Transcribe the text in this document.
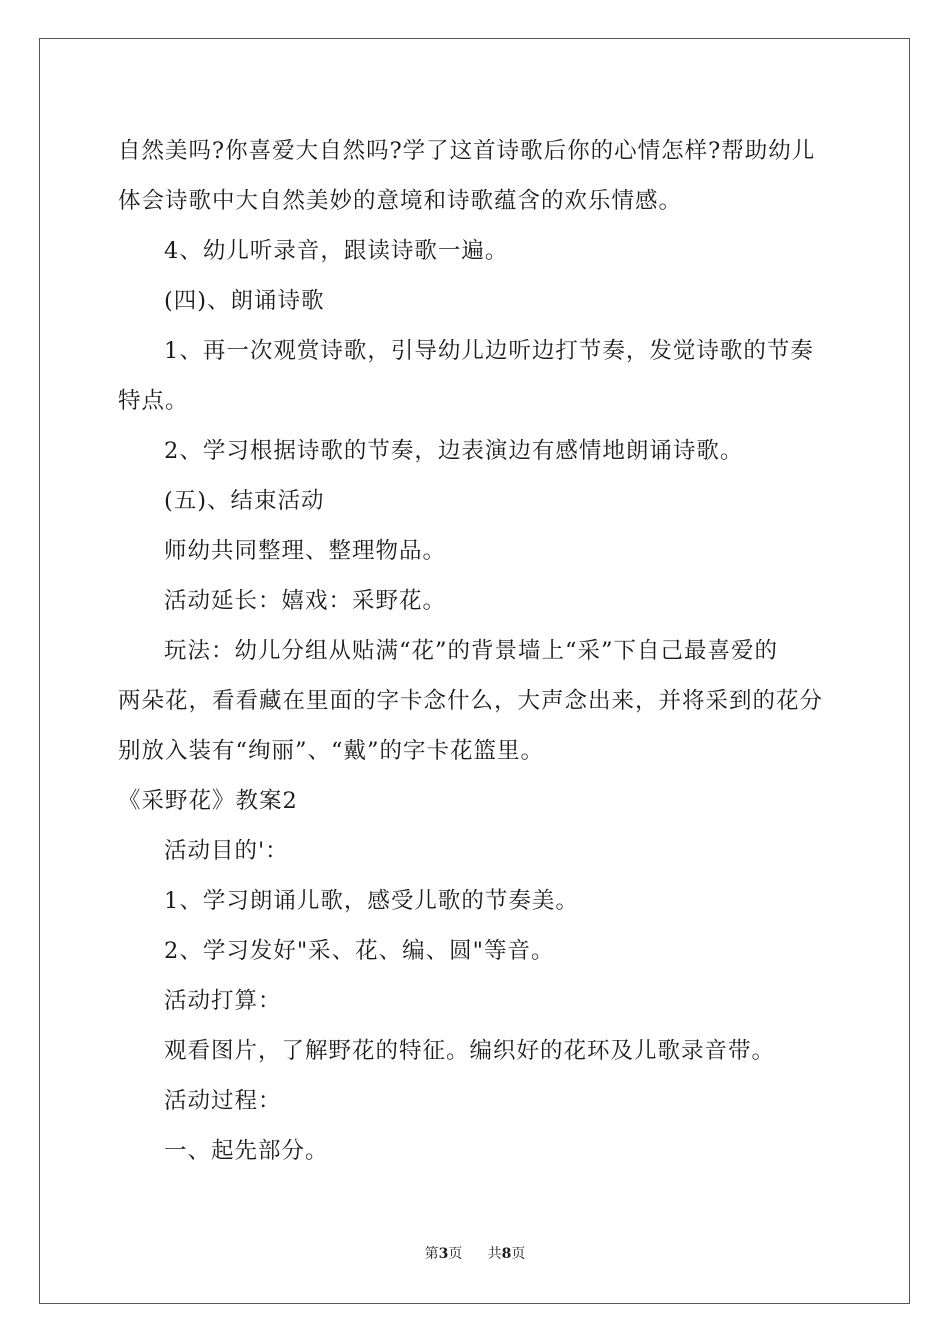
自然美吗?你喜爱大自然吗?学了这首诗歌后你的心情怎样?帮助幼儿
体会诗歌中大自然美妙的意境和诗歌蕴含的欢乐情感。
4、幼儿听录音，跟读诗歌一遍。
(四)、朗诵诗歌
1、再一次观赏诗歌，引导幼儿边听边打节奏，发觉诗歌的节奏
特点。
2、学习根据诗歌的节奏，边表演边有感情地朗诵诗歌。
(五)、结束活动
师幼共同整理、整理物品。
活动延长：嬉戏：采野花。
玩法：幼儿分组从贴满“花”的背景墙上“采”下自己最喜爱的
两朵花，看看藏在里面的字卡念什么，大声念出来，并将采到的花分
别放入装有“绚丽”、“戴”的字卡花篮里。
《采野花》教案2
活动目的'：
1、学习朗诵儿歌，感受儿歌的节奏美。
2、学习发好"采、花、编、圆"等音。
活动打算：
观看图片，了解野花的特征。编织好的花环及儿歌录音带。
活动过程：
一、起先部分。
第3页 共8页
